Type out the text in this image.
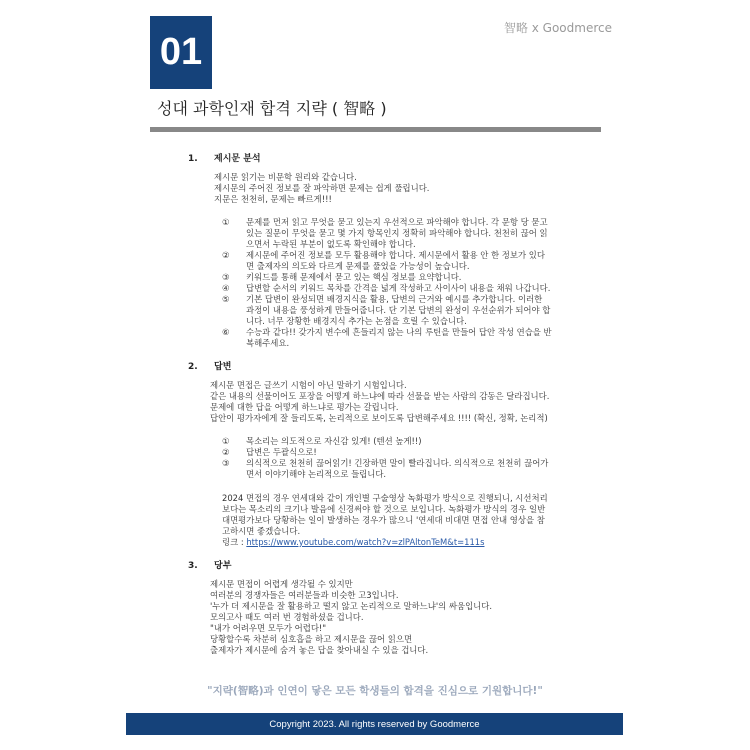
01
智略 x Goodmerce
성대 과학인재 합격 지략 ( 智略 )
1. 제시문 분석
제시문 읽기는 비문학 원리와 같습니다.
제시문의 주어진 정보를 잘 파악하면 문제는 쉽게 풀립니다.
지문은 천천히, 문제는 빠르게!!!
①	문제를 먼저 읽고 무엇을 묻고 있는지 우선적으로 파악해야 합니다. 각 문항 당 묻고
있는 질문이 무엇을 묻고 몇 가지 항목인지 정확히 파악해야 합니다. 천천히 끊어 읽
으면서 누락된 부분이 없도록 확인해야 합니다.
②	제시문에 주어진 정보를 모두 활용해야 합니다. 제시문에서 활용 안 한 정보가 있다
면 출제자의 의도와 다르게 문제를 풀었을 가능성이 높습니다.
③	키워드를 통해 문제에서 묻고 있는 핵심 정보를 요약합니다.
④	답변할 순서의 키워드 목차를 간격을 넓게 작성하고 사이사이 내용을 채워 나갑니다.
⑤	기본 답변이 완성되면 배경지식을 활용, 답변의 근거와 예시를 추가합니다. 이러한
과정이 내용을 풍성하게 만들어줍니다. 단 기본 답변의 완성이 우선순위가 되어야 합
니다. 너무 장황한 배경지식 추가는 논점을 흐릴 수 있습니다.
⑥	수능과 같다!! 갖가지 변수에 흔들리지 않는 나의 루틴을 만들어 답안 작성 연습을 반
복해주세요.
2. 답변
제시문 면접은 글쓰기 시험이 아닌 말하기 시험입니다.
같은 내용의 선물이어도 포장을 어떻게 하느냐에 따라 선물을 받는 사람의 감동은 달라집니다.
문제에 대한 답을 어떻게 하느냐로 평가는 갈립니다.
답안이 평가자에게 잘 들리도록, 논리적으로 보이도록 답변해주세요 !!!! (확신, 정확, 논리적)
①	목소리는 의도적으로 자신감 있게! (텐션 높게!!)
②	답변은 두괄식으로!
③	의식적으로 천천히 끊어읽기! 긴장하면 말이 빨라집니다. 의식적으로 천천히 끊어가
면서 이야기해야 논리적으로 들립니다.
2024 면접의 경우 연세대와 같이 개인별 구술영상 녹화평가 방식으로 진행되니, 시선처리
보다는 목소리의 크기나 발음에 신경써야 할 것으로 보입니다. 녹화평가 방식의 경우 일반
대면평가보다 당황하는 일이 발생하는 경우가 많으니 '연세대 비대면 면접 안내 영상을 참
고하시면 좋겠습니다.
링크 : https://www.youtube.com/watch?v=zlPAltonTeM&t=111s
3. 당부
제시문 면접이 어렵게 생각될 수 있지만
여러분의 경쟁자들은 여러분들과 비슷한 고3입니다.
'누가 더 제시문을 잘 활용하고 떨지 않고 논리적으로 말하느냐'의 싸움입니다.
모의고사 때도 여러 번 경험하셨을 겁니다.
"내가 어려우면 모두가 어렵다!"
당황할수록 차분히 심호흡을 하고 제시문을 끊어 읽으면
출제자가 제시문에 숨겨 놓은 답을 찾아내실 수 있을 겁니다.
"지략(智略)과 인연이 닿은 모든 학생들의 합격을 진심으로 기원합니다!"
Copyright 2023. All rights reserved by Goodmerce
